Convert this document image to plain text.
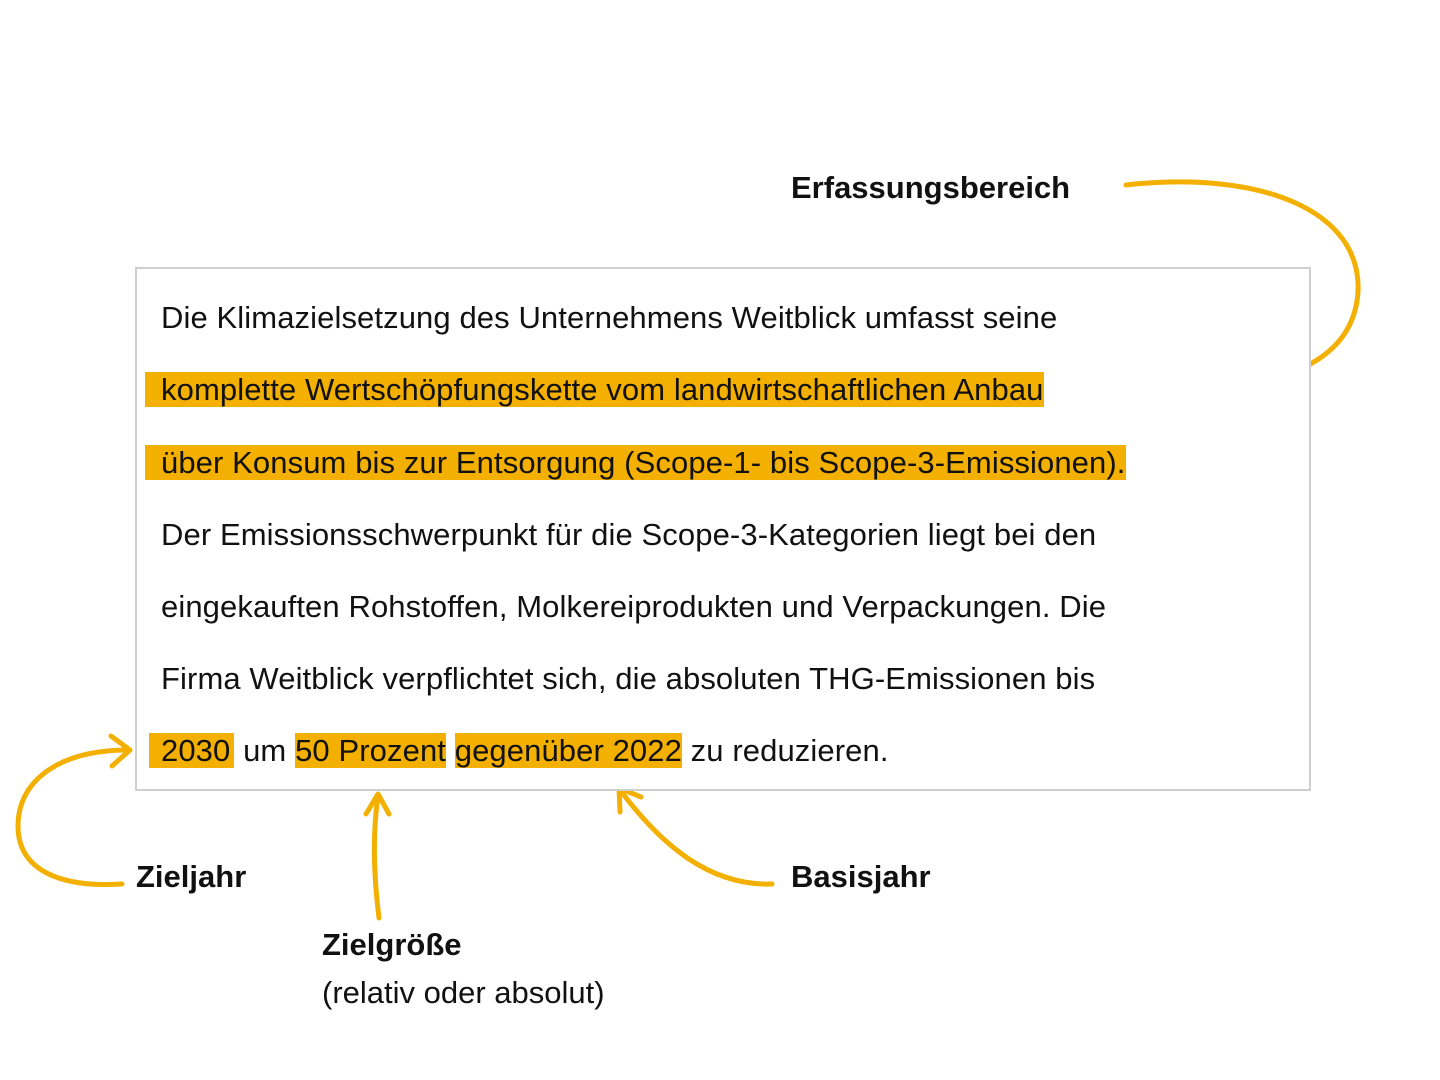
Die Klimazielsetzung des Unternehmens Weitblick umfasst seine
komplette Wertschöpfungskette vom landwirtschaftlichen Anbau
über Konsum bis zur Entsorgung (Scope-1- bis Scope-3-Emissionen).
Der Emissionsschwerpunkt für die Scope-3-Kategorien liegt bei den
eingekauften Rohstoffen, Molkereiprodukten und Verpackungen. Die
Firma Weitblick verpflichtet sich, die absoluten THG-Emissionen bis
2030 um 50 Prozent gegenüber 2022 zu reduzieren.
Erfassungsbereich
Zieljahr	Basisjahr
Zielgröße
(relativ oder absolut)
